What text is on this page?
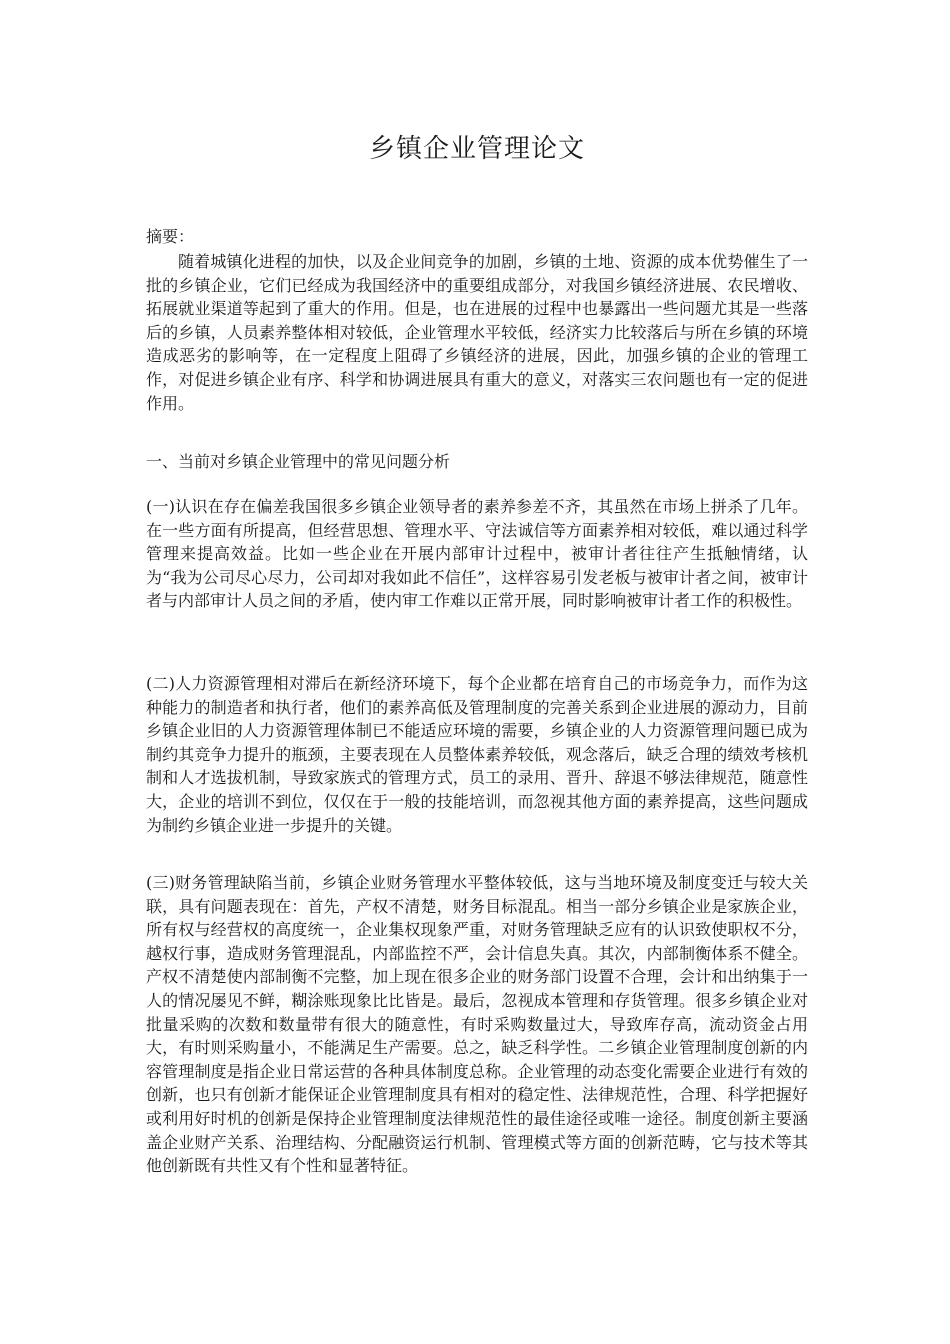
乡镇企业管理论文

摘要：

随着城镇化进程的加快，以及企业间竞争的加剧，乡镇的土地、资源的成本优势催生了一批的乡镇企业，它们已经成为我国经济中的重要组成部分，对我国乡镇经济进展、农民增收、拓展就业渠道等起到了重大的作用。但是，也在进展的过程中也暴露出一些问题尤其是一些落后的乡镇，人员素养整体相对较低，企业管理水平较低，经济实力比较落后与所在乡镇的环境造成恶劣的影响等，在一定程度上阻碍了乡镇经济的进展，因此，加强乡镇的企业的管理工作，对促进乡镇企业有序、科学和协调进展具有重大的意义，对落实三农问题也有一定的促进作用。

一、当前对乡镇企业管理中的常见问题分析

(一)认识在存在偏差我国很多乡镇企业领导者的素养参差不齐，其虽然在市场上拼杀了几年。在一些方面有所提高，但经营思想、管理水平、守法诚信等方面素养相对较低，难以通过科学管理来提高效益。比如一些企业在开展内部审计过程中，被审计者往往产生抵触情绪，认为“我为公司尽心尽力，公司却对我如此不信任”，这样容易引发老板与被审计者之间，被审计者与内部审计人员之间的矛盾，使内审工作难以正常开展，同时影响被审计者工作的积极性。

(二)人力资源管理相对滞后在新经济环境下，每个企业都在培育自己的市场竞争力，而作为这种能力的制造者和执行者，他们的素养高低及管理制度的完善关系到企业进展的源动力，目前乡镇企业旧的人力资源管理体制已不能适应环境的需要，乡镇企业的人力资源管理问题已成为制约其竞争力提升的瓶颈，主要表现在人员整体素养较低，观念落后，缺乏合理的绩效考核机制和人才选拔机制，导致家族式的管理方式，员工的录用、晋升、辞退不够法律规范，随意性大，企业的培训不到位，仅仅在于一般的技能培训，而忽视其他方面的素养提高，这些问题成为制约乡镇企业进一步提升的关键。

(三)财务管理缺陷当前，乡镇企业财务管理水平整体较低，这与当地环境及制度变迁与较大关联，具有问题表现在：首先，产权不清楚，财务目标混乱。相当一部分乡镇企业是家族企业，所有权与经营权的高度统一，企业集权现象严重，对财务管理缺乏应有的认识致使职权不分，越权行事，造成财务管理混乱，内部监控不严，会计信息失真。其次，内部制衡体系不健全。产权不清楚使内部制衡不完整，加上现在很多企业的财务部门设置不合理，会计和出纳集于一人的情况屡见不鲜，糊涂账现象比比皆是。最后，忽视成本管理和存货管理。很多乡镇企业对批量采购的次数和数量带有很大的随意性，有时采购数量过大，导致库存高，流动资金占用大，有时则采购量小，不能满足生产需要。总之，缺乏科学性。二乡镇企业管理制度创新的内容管理制度是指企业日常运营的各种具体制度总称。企业管理的动态变化需要企业进行有效的创新，也只有创新才能保证企业管理制度具有相对的稳定性、法律规范性，合理、科学把握好或利用好时机的创新是保持企业管理制度法律规范性的最佳途径或唯一途径。制度创新主要涵盖企业财产关系、治理结构、分配融资运行机制、管理模式等方面的创新范畴，它与技术等其他创新既有共性又有个性和显著特征。
